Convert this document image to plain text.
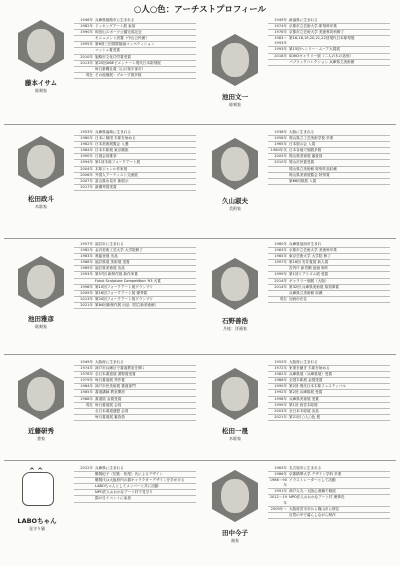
○人○色：アーチストプロフィール
藤本イサム
彫刻家
1946年 兵庫県姫路市に生まれる
1982年 ドッキングアート展 参加
1990年 和田山スポーツ公園完成記念
モニュメント設置（中山公民館）
1995年 第6回三田国際版画コンペティション
マッシュ賞受賞
2010年 姫路市文化功労賞受賞
2013年 第25回UBEビエンナーレ現代日本彫刻展
毎日新聞社賞（山口県宇部市）
現在 その他個展・グループ展多数
池田文一
彫刻家
1949年 新潟県に生まれる
1974年 京都市立芸術大学 彫刻科卒業
1976年 京都市立芸術大学 美術専攻科修了
1983〜1993年
第16,18,19,20,21,22回現代日本彫刻展
1993年 第15回ヘンリー・ムーア大賞展
2018年 SOKOギャラリー展（二人の木の造形）
パブリックコレクション 兵庫県立美術館
松田政斗
木彫家
1953年 兵庫県福崎に生まれる
1980年 日本に帰国 木彫を始める
1982年 日本美術展覧会 入選
1984年 日本木彫展 東京銀座
1990年 日展会員推挙
1994年 第1回木彫フォークアート展
2004年 木彫ジャンル作家展
2006年 外国人アーティスト交流展
2007年 富山県氷見市 新展示
2017年 最優秀賞受賞
久山淑夫
美術家
1938年 大阪に生まれる
1958年 岡山県立工芸美術学校 卒業
1965年 日本展示会 入賞
1980年代 日本各地で個展多数
2005年 岡山県美術展 審査員
2010年 岡山市民賞受賞
岡山県立美術館 彫刻作品収蔵
岡山県美術展覧会 特別賞
第66回県展 入賞
池田雅彦
彫刻家
1957年 福井市に生まれる
1982年 金沢美術工芸大学 大学院修了
1983年 奥能登展 出品
1986年 福井県展 美術展 受賞
1989年 福井県美術展 出品
1993年 第57回 新制作展 新作家賞
Fukui Sculpture Competition '93 大賞
1998年 第10回フォークアート展グランプリ
2009年 第16回フォークアート展 優秀賞
2013年 第20回フォークアート展グランプリ
2021年 第84回新制作展 出品（国立新美術館）
石野善浩
月桂：洋画家
1960年 兵庫県加西市生まれ
1983年 京都市立芸術大学 美術科卒業
1985年 東京芸術大学 大学院 修了
1997年 第16回 安井賞展 新人賞
宮内庁 新宮殿 絵画 制作
1999年 第1回リアリズム展 受賞
2014年 ギャラリー個展（大阪）
2014年 第32回 兵庫県美術展 県知事賞
兵庫県立美術館 収蔵
現在 加西市在住
近藤研秀
書家
1949年 大阪府に生まれる
1974年 神戸市兵庫区で書道教室を開く
1976年 全日本書道展 書聖賞受賞
1979年 毎日書道展 秀作賞
1984年 神戸市民美術展 書道部門
1985年 書道講師 教室開設
1988年 書道展 金賞受賞
現在 毎日書道展 会員
全日本書道連盟 会員
毎日書道展 審査員
松田一晟
木彫家
1953年 大阪府に生まれる
1972年 家業を継ぎ 木彫を始める
1982年 兵庫県展（兵庫県展）受賞
1986年 全国木彫展 金賞受賞
1990年 第2回 現代日本木彫フェスティバル
1992年 第2回 兵庫県展 受賞
1998年 兵庫県美術展 受賞
1999年 第1回 西宮木彫展
2003年 全日本木彫展 出品
2021年 第21回 ○人○色 展
^ ^
LABOちゃん
見守り猫
2012年 兵庫県に生まれる
鶴岡紀子（旧姓：松尾）氏によるデザイン
鶴岡氏は大阪府内の猫キャラクターデザインを手がける
LABOちゃんとしてメンバーと共に活動
NPO法人おおかなアート村で見守り
猫の日イベントに参加
田中今子
画家
1963年 名古屋市に生まれる
1986年 京都精華大学 デザイン学科 卒業
1986〜90年
イラストレーターとして活動
1991年 神戸大丸・大阪心斎橋で個展
2012〜19年
NPO法人おおかなアート村 理事長
2005年〜 大阪府茨木市から篠山市に移住
自然の中で暮らしながら制作
